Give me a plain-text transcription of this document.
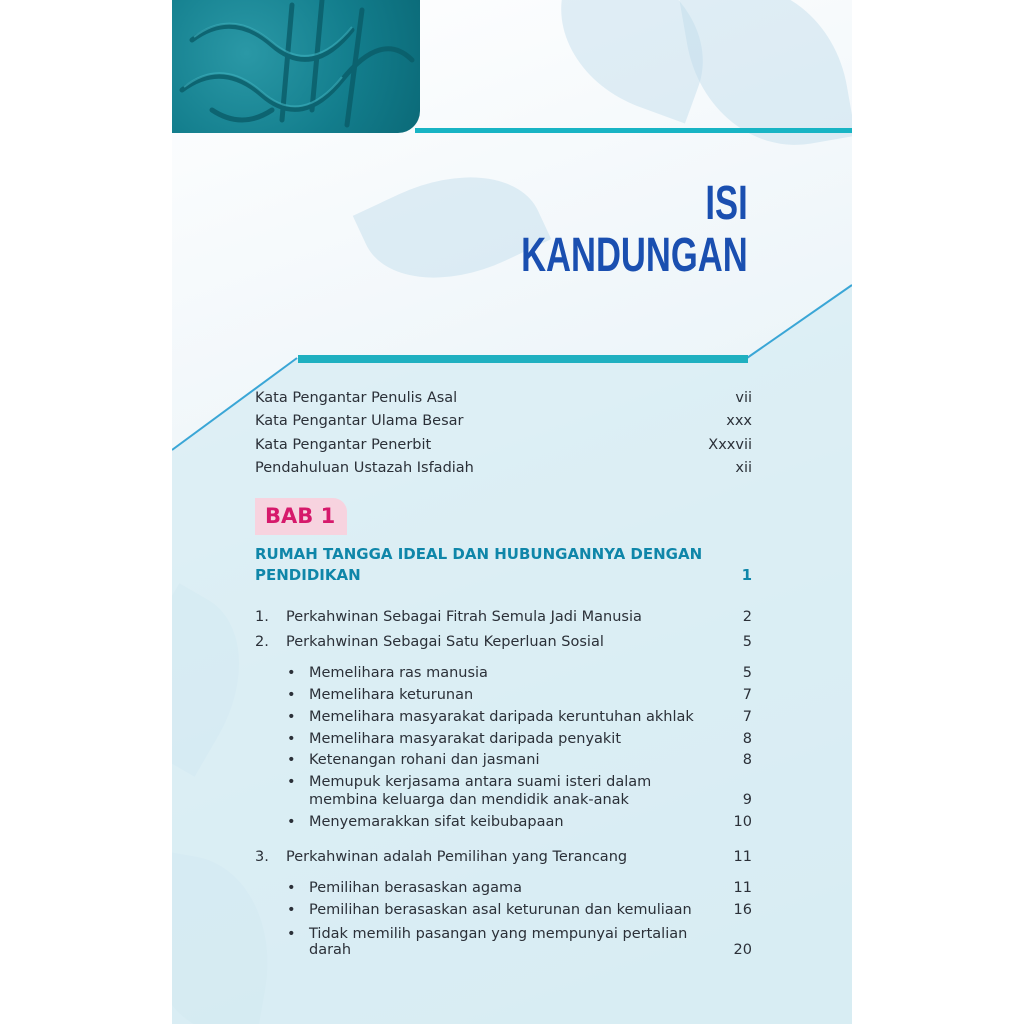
ISI
KANDUNGAN
Kata Pengantar Penulis Asal	vii
Kata Pengantar Ulama Besar	xxx
Kata Pengantar Penerbit	Xxxvii
Pendahuluan Ustazah Isfadiah	xii
BAB 1
RUMAH TANGGA IDEAL DAN HUBUNGANNYA DENGAN
PENDIDIKAN	1
1.	Perkahwinan Sebagai Fitrah Semula Jadi Manusia	2
2.	Perkahwinan Sebagai Satu Keperluan Sosial	5
• Memelihara ras manusia	5
• Memelihara keturunan	7
• Memelihara masyarakat daripada keruntuhan akhlak	7
• Memelihara masyarakat daripada penyakit	8
• Ketenangan rohani dan jasmani	8
• Memupuk kerjasama antara suami isteri dalam
membina keluarga dan mendidik anak-anak	9
• Menyemarakkan sifat keibubapaan	10
3.	Perkahwinan adalah Pemilihan yang Terancang	11
• Pemilihan berasaskan agama	11
• Pemilihan berasaskan asal keturunan dan kemuliaan	16
• Tidak memilih pasangan yang mempunyai pertalian
darah	20
